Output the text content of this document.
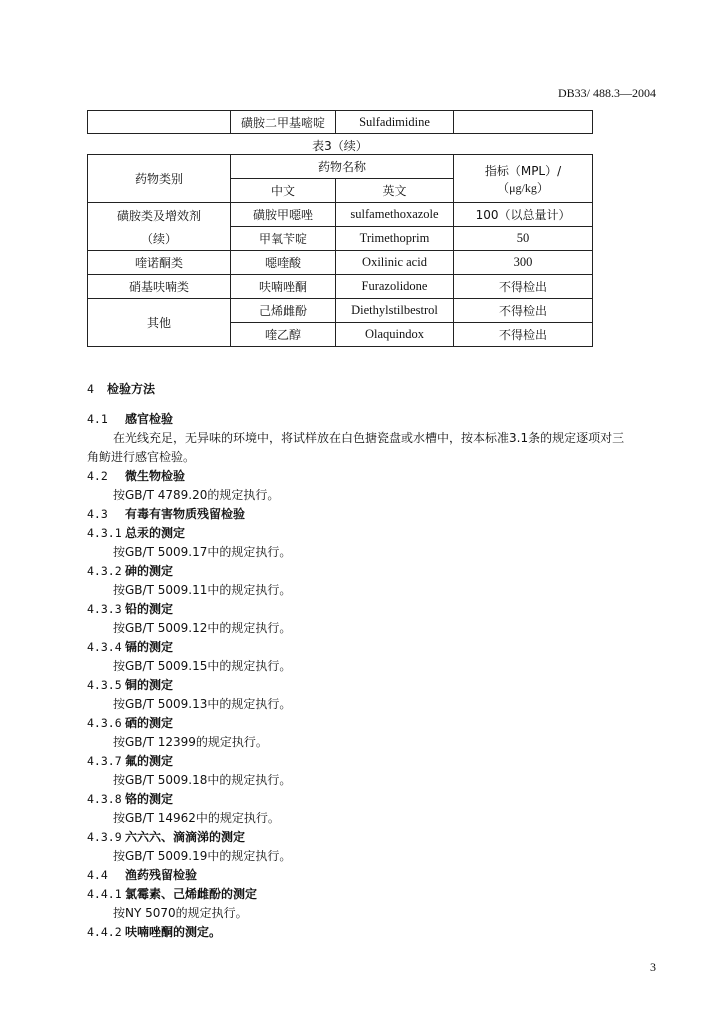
DB33/ 488.3—2004
	磺胺二甲基嘧啶	Sulfadimidine	
表3（续）
药物类别	药物名称		指标（MPL）/
（μg/kg）

	中文	英文	

磺胺类及增效剂
（续）	磺胺甲噁唑	sulfamethoxazole	100（以总量计）
	甲氧苄啶	Trimethoprim	50
喹诺酮类	噁喹酸	Oxilinic acid	300
硝基呋喃类	呋喃唑酮	Furazolidone	不得检出
其他	己烯雌酚	Diethylstilbestrol	不得检出
	喹乙醇	Olaquindox	不得检出
4 检验方法
4.1 感官检验
在光线充足，无异味的环境中，将试样放在白色搪瓷盘或水槽中，按本标准3.1条的规定逐项对三
角鲂进行感官检验。
4.2 微生物检验
按GB/T 4789.20的规定执行。
4.3 有毒有害物质残留检验
4.3.1 总汞的测定
按GB/T 5009.17中的规定执行。
4.3.2 砷的测定
按GB/T 5009.11中的规定执行。
4.3.3 铅的测定
按GB/T 5009.12中的规定执行。
4.3.4 镉的测定
按GB/T 5009.15中的规定执行。
4.3.5 铜的测定
按GB/T 5009.13中的规定执行。
4.3.6 硒的测定
按GB/T 12399的规定执行。
4.3.7 氟的测定
按GB/T 5009.18中的规定执行。
4.3.8 铬的测定
按GB/T 14962中的规定执行。
4.3.9 六六六、滴滴涕的测定
按GB/T 5009.19中的规定执行。
4.4 渔药残留检验
4.4.1 氯霉素、己烯雌酚的测定
按NY 5070的规定执行。
4.4.2 呋喃唑酮的测定。
3
